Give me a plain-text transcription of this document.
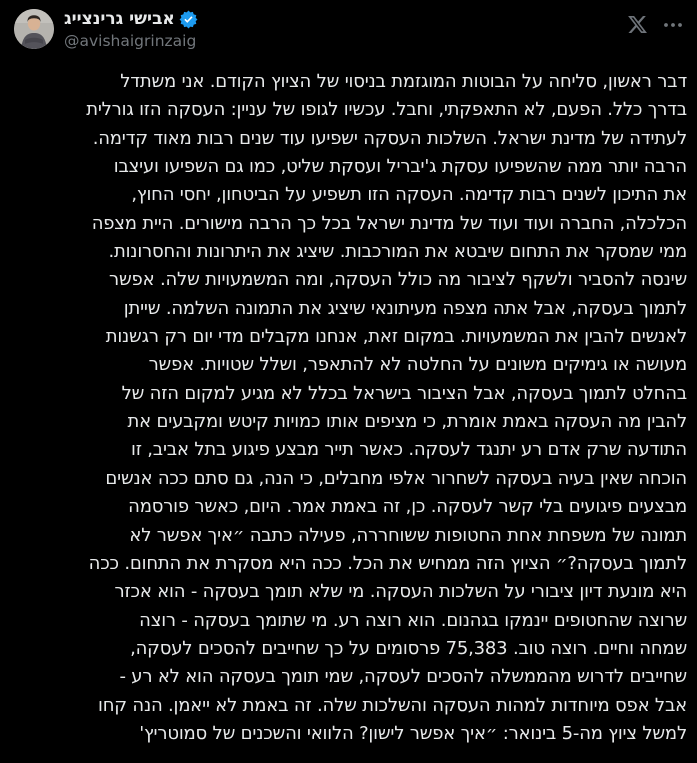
אבישי גרינצייג
@avishaigrinzaig
דבר ראשון, סליחה על הבוטות המוגזמת בניסוי של הציוץ הקודם. אני משתדל
בדרך כלל. הפעם, לא התאפקתי, וחבל. עכשיו לגופו של עניין: העסקה הזו גורלית
לעתידה של מדינת ישראל. השלכות העסקה ישפיעו עוד שנים רבות מאוד קדימה.
הרבה יותר ממה שהשפיעו עסקת ג'יבריל ועסקת שליט, כמו גם השפיעו ועיצבו
את התיכון לשנים רבות קדימה. העסקה הזו תשפיע על הביטחון, יחסי החוץ,
הכלכלה, החברה ועוד ועוד של מדינת ישראל בכל כך הרבה מישורים. היית מצפה
ממי שמסקר את התחום שיבטא את המורכבות. שיציג את היתרונות והחסרונות.
שינסה להסביר ולשקף לציבור מה כולל העסקה, ומה המשמעויות שלה. אפשר
לתמוך בעסקה, אבל אתה מצפה מעיתונאי שיציג את התמונה השלמה. שייתן
לאנשים להבין את המשמעויות. במקום זאת, אנחנו מקבלים מדי יום רק רגשנות
מעושה או גימיקים משונים על החלטה לא להתאפר, ושלל שטויות. אפשר
בהחלט לתמוך בעסקה, אבל הציבור בישראל בכלל לא מגיע למקום הזה של
להבין מה העסקה באמת אומרת, כי מציפים אותו כמויות קיטש ומקבעים את
התודעה שרק אדם רע יתנגד לעסקה. כאשר תייר מבצע פיגוע בתל אביב, זו
הוכחה שאין בעיה בעסקה לשחרור אלפי מחבלים, כי הנה, גם סתם ככה אנשים
מבצעים פיגועים בלי קשר לעסקה. כן, זה באמת אמר. היום, כאשר פורסמה
תמונה של משפחת אחת החטופות ששוחררה, פעילה כתבה ״איך אפשר לא
לתמוך בעסקה?״ הציוץ הזה ממחיש את הכל. ככה היא מסקרת את התחום. ככה
היא מונעת דיון ציבורי על השלכות העסקה. מי שלא תומך בעסקה - הוא אכזר
שרוצה שהחטופים יינמקו בגהנום. הוא רוצה רע. מי שתומך בעסקה - רוצה
שמחה וחיים. רוצה טוב. 75,383 פרסומים על כך שחייבים להסכים לעסקה,
שחייבים לדרוש מהממשלה להסכים לעסקה, שמי תומך בעסקה הוא לא רע -
אבל אפס מיוחדות למהות העסקה והשלכות שלה. זה באמת לא ייאמן. הנה קחו
למשל ציוץ מה-5 בינואר: ״איך אפשר לישון? הלוואי והשכנים של סמוטריץ'
